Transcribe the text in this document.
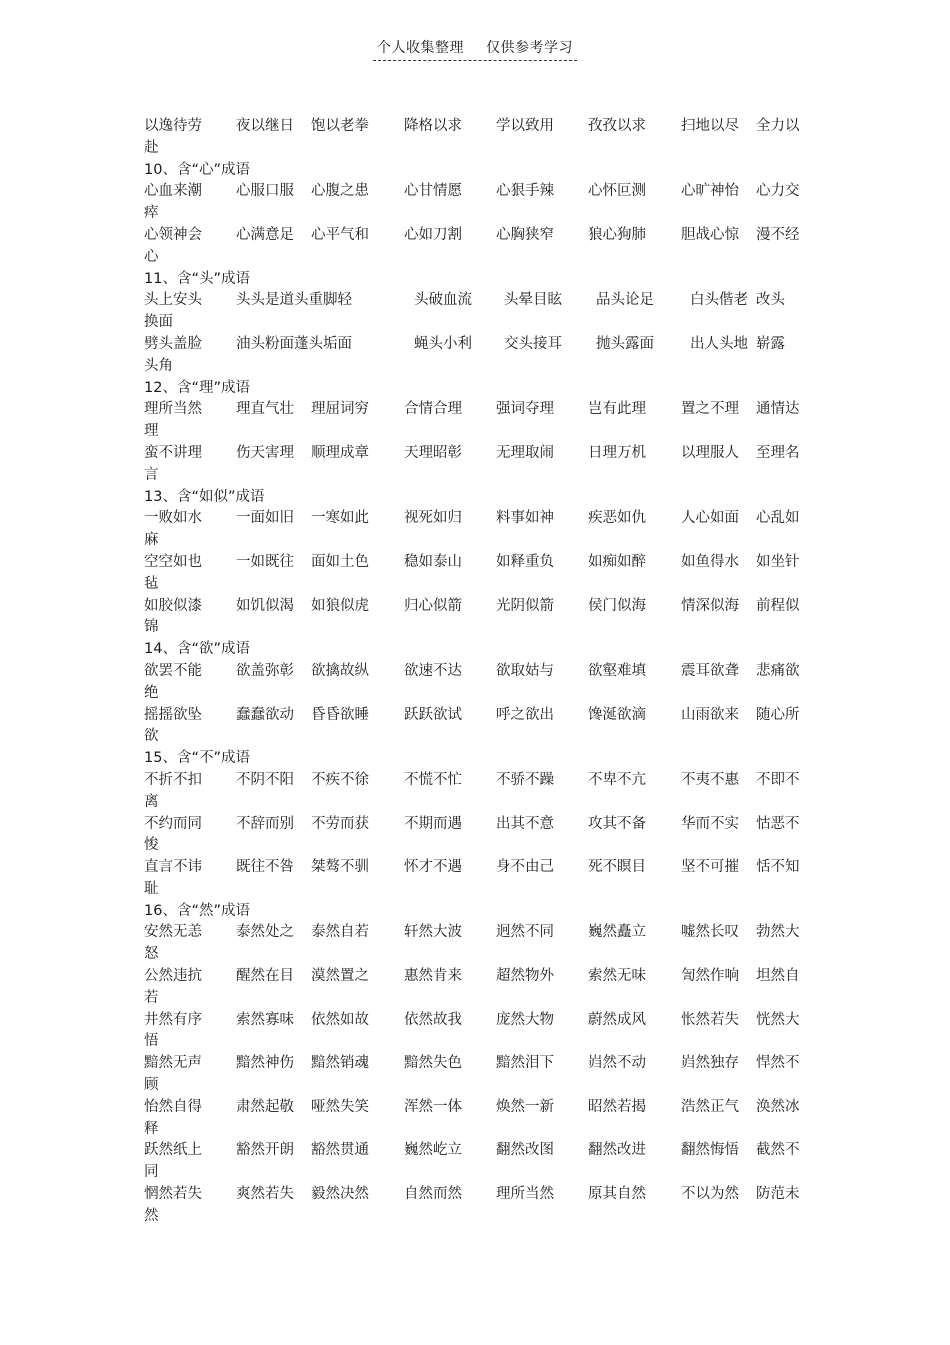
个人收集整理 仅供参考学习
以逸待劳 夜以继日 饱以老拳 降格以求 学以致用 孜孜以求 扫地以尽 全力以
赴
10、含“心”成语
心血来潮 心服口服 心腹之患 心甘情愿 心狠手辣 心怀叵测 心旷神怡 心力交
瘁
心领神会 心满意足 心平气和 心如刀割 心胸狭窄 狼心狗肺 胆战心惊 漫不经
心
11、含“头”成语
头上安头 头头是道 头重脚轻	头破血流 头晕目眩 品头论足 白头偕老 改头
换面
劈头盖脸 油头粉面 蓬头垢面	蝇头小利 交头接耳 抛头露面 出人头地 崭露
头角
12、含“理”成语
理所当然 理直气壮 理屈词穷 合情合理 强词夺理 岂有此理 置之不理 通情达
理
蛮不讲理 伤天害理 顺理成章 天理昭彰 无理取闹 日理万机 以理服人 至理名
言
13、含“如似”成语
一败如水 一面如旧 一寒如此 视死如归 料事如神 疾恶如仇 人心如面 心乱如
麻
空空如也 一如既往 面如土色 稳如泰山 如释重负 如痴如醉 如鱼得水 如坐针
毡
如胶似漆 如饥似渴 如狼似虎 归心似箭 光阴似箭 侯门似海 情深似海 前程似
锦
14、含“欲”成语
欲罢不能 欲盖弥彰 欲擒故纵 欲速不达 欲取姑与 欲壑难填 震耳欲聋 悲痛欲
绝
摇摇欲坠 蠢蠢欲动 昏昏欲睡 跃跃欲试 呼之欲出 馋涎欲滴 山雨欲来 随心所
欲
15、含“不”成语
不折不扣 不阴不阳 不疾不徐 不慌不忙 不骄不躁 不卑不亢 不夷不惠 不即不
离
不约而同 不辞而别 不劳而获 不期而遇 出其不意 攻其不备 华而不实 怙恶不
悛
直言不讳 既往不咎 桀骜不驯 怀才不遇 身不由己 死不瞑目 坚不可摧 恬不知
耻
16、含“然”成语
安然无恙 泰然处之 泰然自若 轩然大波 迥然不同 巍然矗立 嘘然长叹 勃然大
怒
公然违抗 醒然在目 漠然置之 惠然肯来 超然物外 索然无味 訇然作响 坦然自
若
井然有序 索然寡味 依然如故 依然故我 庞然大物 蔚然成风 怅然若失 恍然大
悟
黯然无声 黯然神伤 黯然销魂 黯然失色 黯然泪下 岿然不动 岿然独存 悍然不
顾
怡然自得 肃然起敬 哑然失笑 浑然一体 焕然一新 昭然若揭 浩然正气 涣然冰
释
跃然纸上 豁然开朗 豁然贯通 巍然屹立 翻然改图 翻然改进 翻然悔悟 截然不
同
惘然若失 爽然若失 毅然决然 自然而然 理所当然 原其自然 不以为然 防范未
然
